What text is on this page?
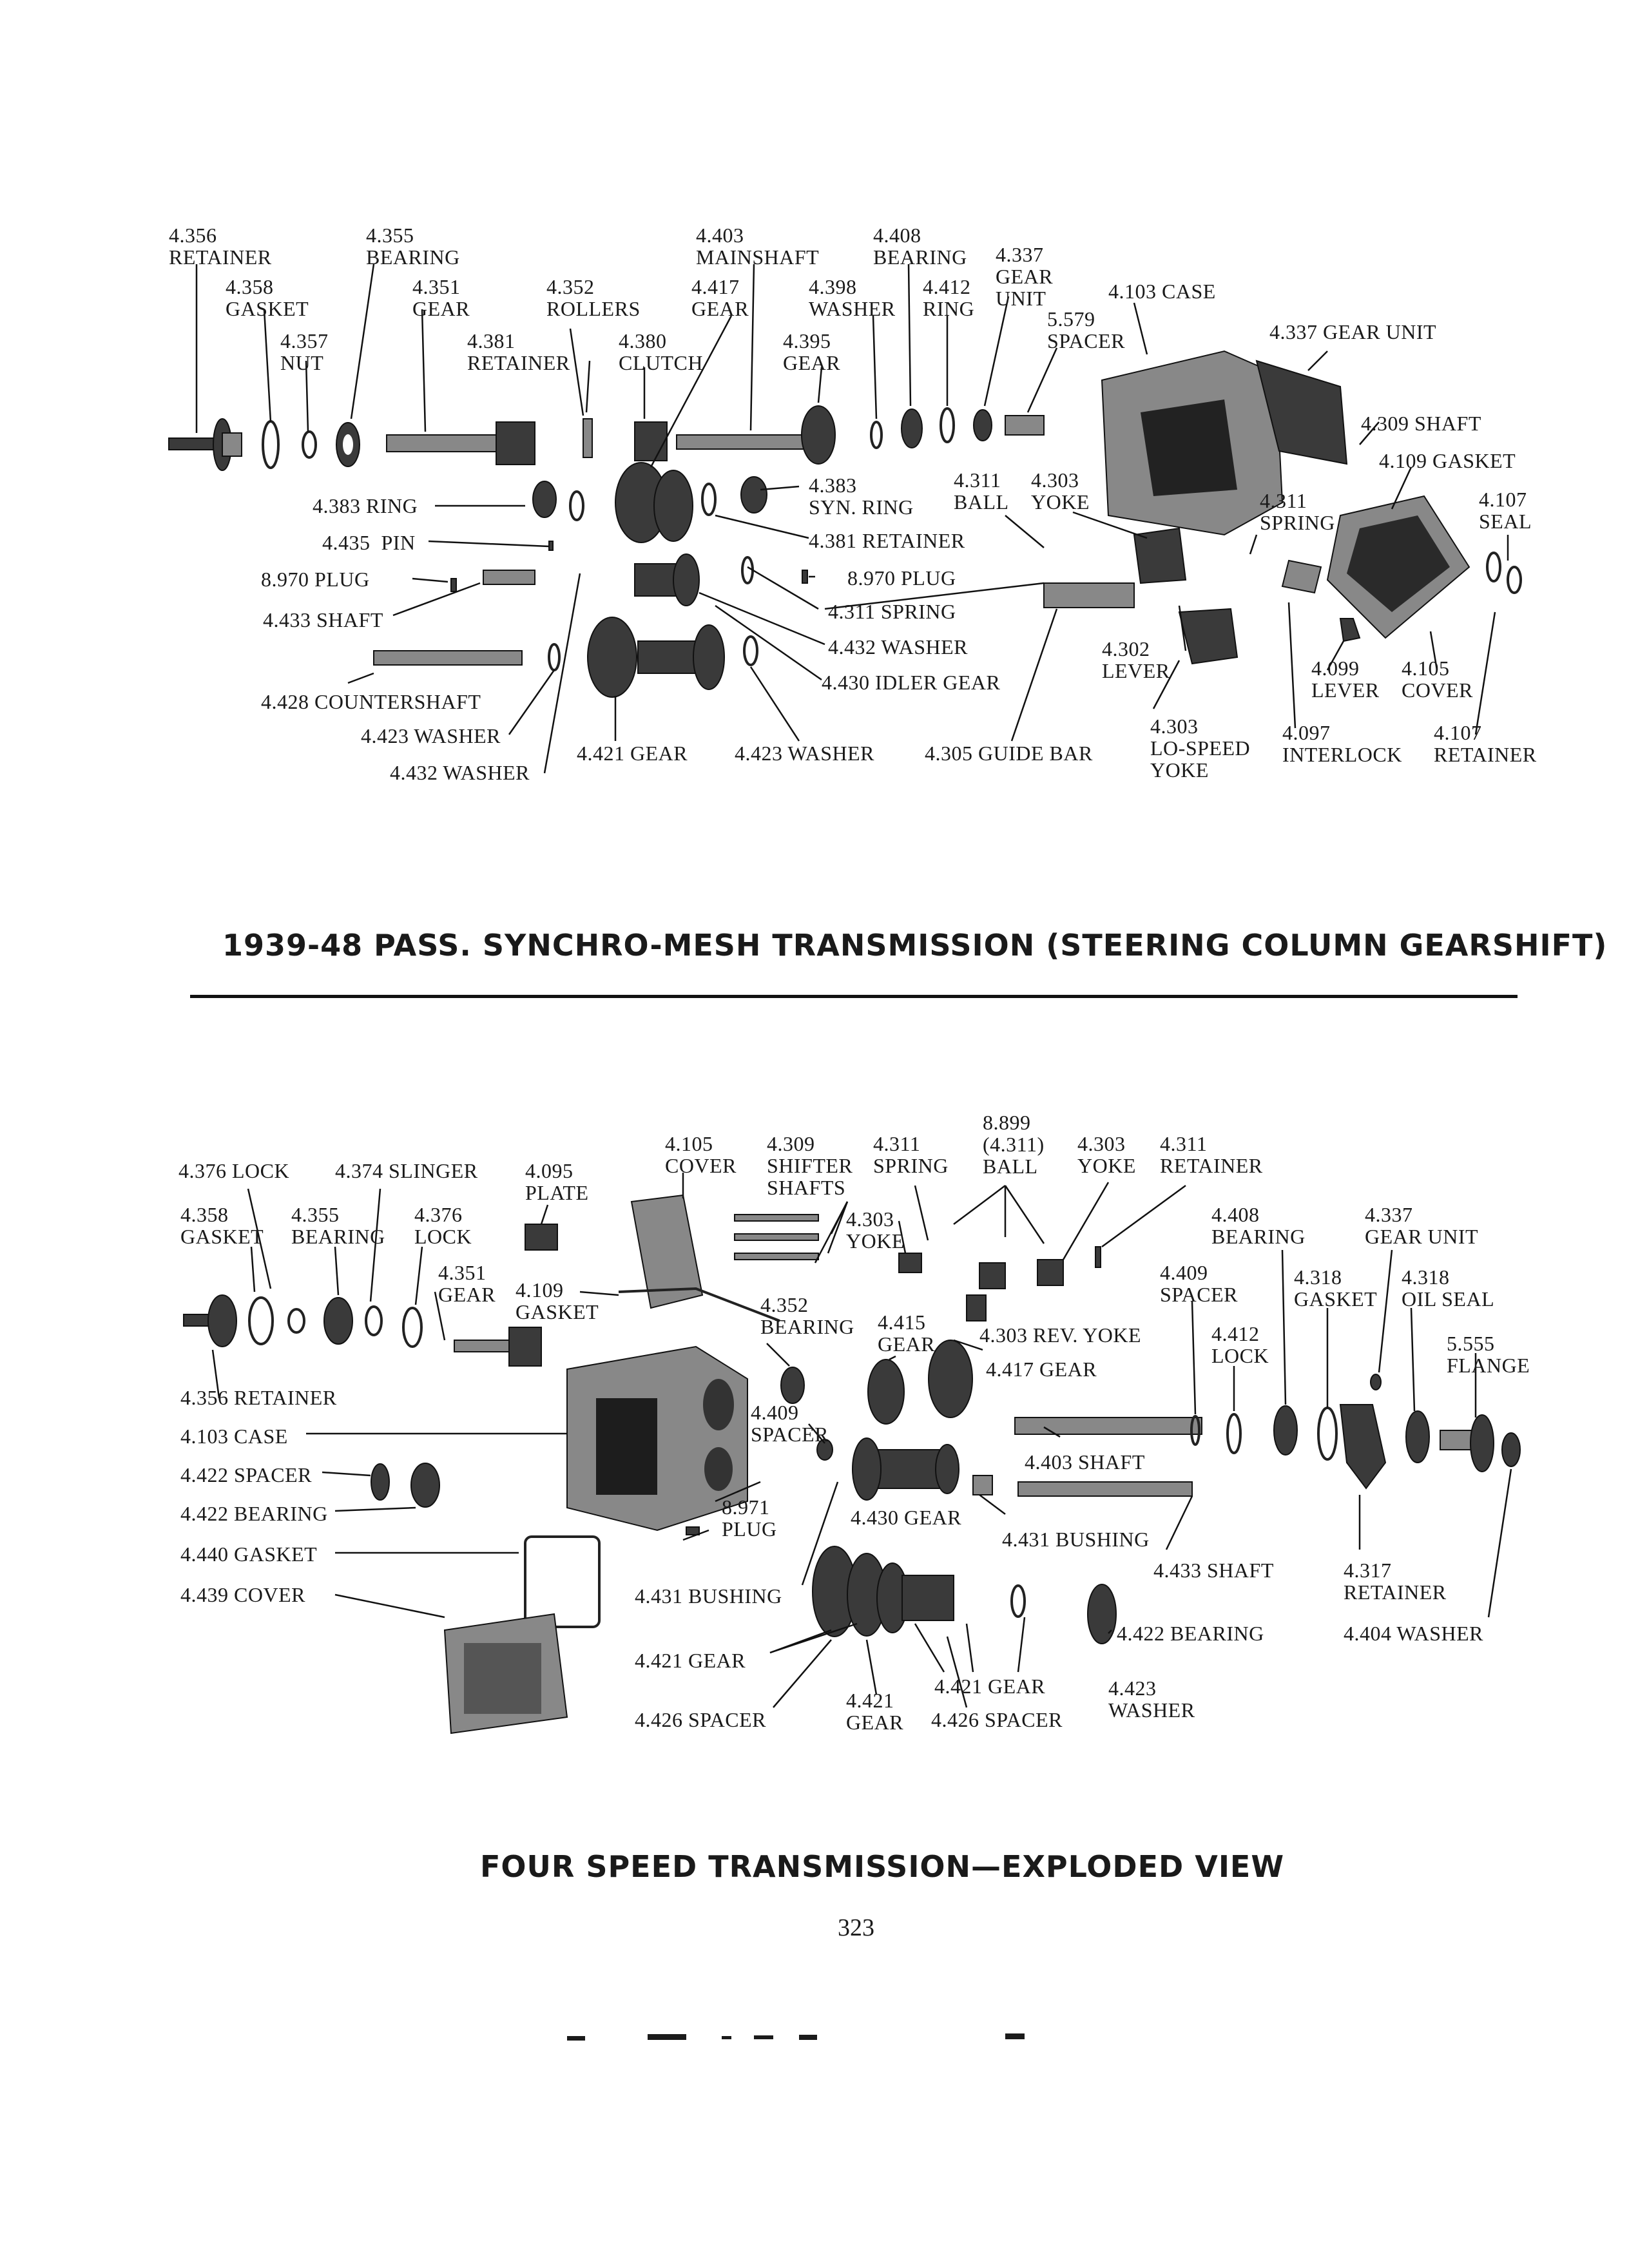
4.356
RETAINER
4.355
BEARING
4.358
GASKET
4.357
NUT
4.351
GEAR
4.352
ROLLERS
4.381
RETAINER
4.380
CLUTCH
4.403
MAINSHAFT
4.417
GEAR
4.398
WASHER
4.395
GEAR
4.408
BEARING
4.412
RING
4.337
GEAR
UNIT
5.579
SPACER
4.103 CASE
4.337 GEAR UNIT
4.309 SHAFT
4.109 GASKET
4.107
SEAL
4.311
SPRING
4.311
BALL
4.303
YOKE
4.383
SYN. RING
4.383 RING
4.435  PIN
8.970 PLUG
4.433 SHAFT
4.381 RETAINER
8.970 PLUG
4.311 SPRING
4.432 WASHER
4.430 IDLER GEAR
4.302
LEVER	4.099
LEVER
4.105
COVER
4.428 COUNTERSHAFT
4.423 WASHER
4.432 WASHER
4.421 GEAR 4.423 WASHER 4.305 GUIDE BAR
4.303
LO-SPEED
YOKE
4.097
INTERLOCK
4.107
RETAINER
1939-48 PASS. SYNCHRO-MESH TRANSMISSION (STEERING COLUMN GEARSHIFT)
8.899
(4.311)
BALL
4.105
COVER
4.309
SHIFTER
SHAFTS
4.311
SPRING
4.303
YOKE
4.311
RETAINER
4.376 LOCK 4.374 SLINGER 4.095
PLATE
4.358
GASKET
4.355
BEARING
4.376
LOCK
4.303
YOKE
4.408
BEARING
4.337
GEAR UNIT
4.351
GEAR 4.109
GASKET	4.352
BEARING 4.415
GEAR 4.303 REV. YOKE
4.409
SPACER
4.318
GASKET
4.318
OIL SEAL
4.412
LOCK
5.555
FLANGE
4.417 GEAR
4.356 RETAINER
4.409
SPACER
4.103 CASE
4.403 SHAFT
4.422 SPACER
8.971
PLUG	4.430 GEAR
4.422 BEARING
4.431 BUSHING
4.440 GASKET
4.433 SHAFT	4.317
RETAINER
4.439 COVER	4.431 BUSHING
4.422 BEARING	4.404 WASHER
4.421 GEAR
4.421 GEAR	4.423
WASHER
4.421
GEAR
4.426 SPACER	4.426 SPACER
FOUR SPEED TRANSMISSION—EXPLODED VIEW
323
